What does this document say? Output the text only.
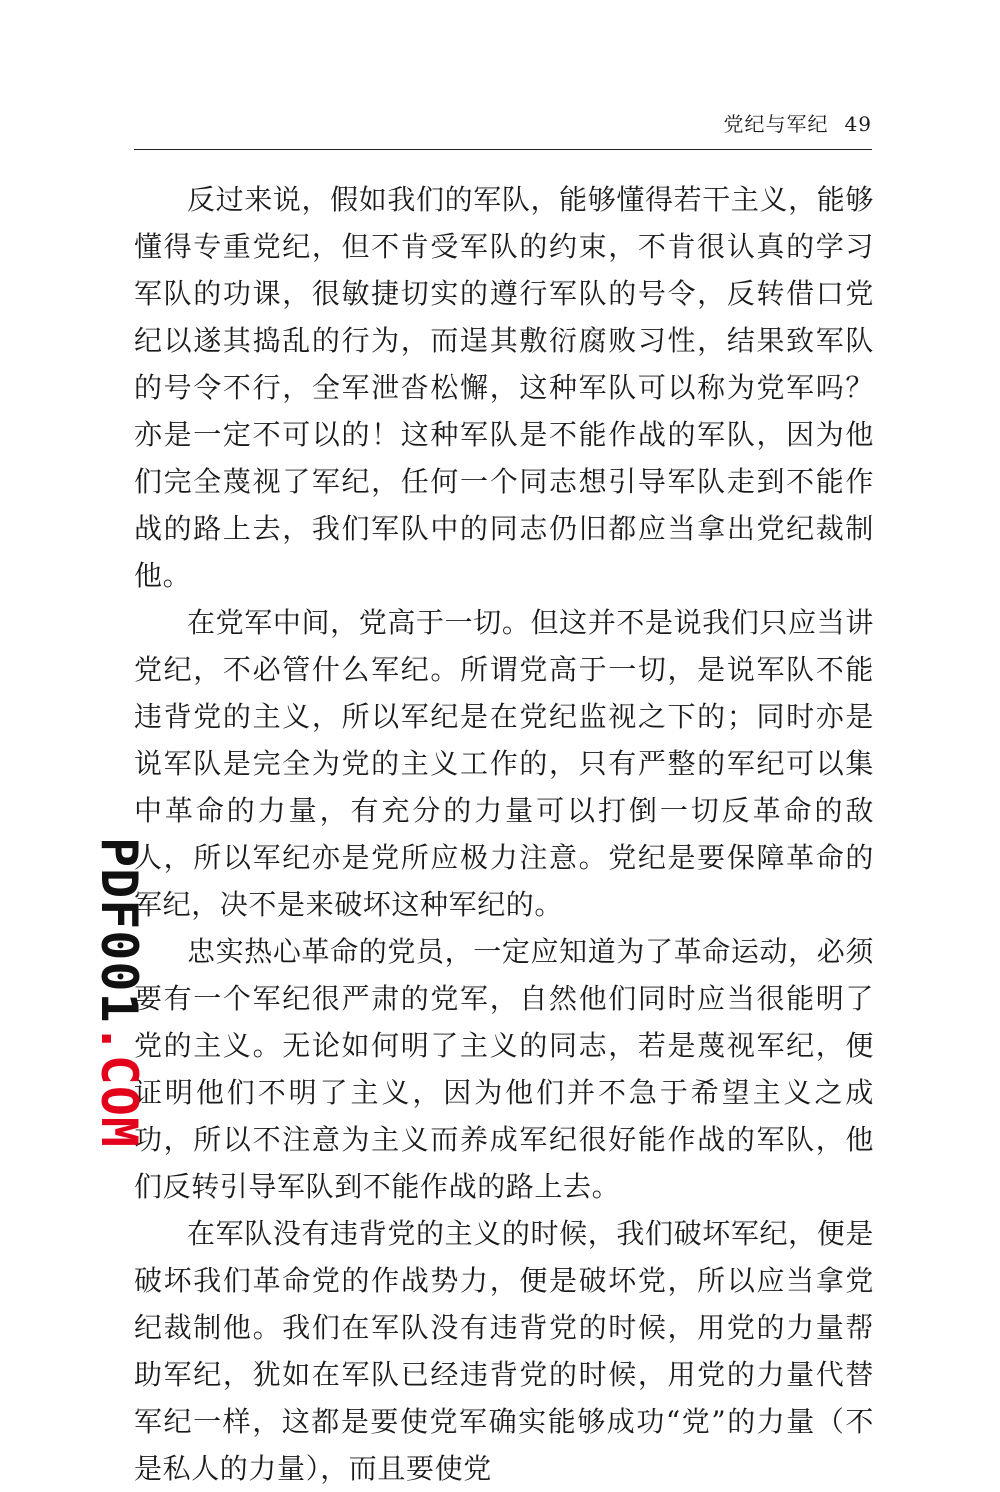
党纪与军纪 49

反过来说，假如我们的军队，能够懂得若干主义，能够懂得专重党纪，但不肯受军队的约束，不肯很认真的学习军队的功课，很敏捷切实的遵行军队的号令，反转借口党纪以遂其捣乱的行为，而逞其敷衍腐败习性，结果致军队的号令不行，全军泄沓松懈，这种军队可以称为党军吗？亦是一定不可以的！这种军队是不能作战的军队，因为他们完全蔑视了军纪，任何一个同志想引导军队走到不能作战的路上去，我们军队中的同志仍旧都应当拿出党纪裁制他。

在党军中间，党高于一切。但这并不是说我们只应当讲党纪，不必管什么军纪。所谓党高于一切，是说军队不能违背党的主义，所以军纪是在党纪监视之下的；同时亦是说军队是完全为党的主义工作的，只有严整的军纪可以集中革命的力量，有充分的力量可以打倒一切反革命的敌人，所以军纪亦是党所应极力注意。党纪是要保障革命的军纪，决不是来破坏这种军纪的。

忠实热心革命的党员，一定应知道为了革命运动，必须要有一个军纪很严肃的党军，自然他们同时应当很能明了党的主义。无论如何明了主义的同志，若是蔑视军纪，便证明他们不明了主义，因为他们并不急于希望主义之成功，所以不注意为主义而养成军纪很好能作战的军队，他们反转引导军队到不能作战的路上去。

在军队没有违背党的主义的时候，我们破坏军纪，便是破坏我们革命党的作战势力，便是破坏党，所以应当拿党纪裁制他。我们在军队没有违背党的时候，用党的力量帮助军纪，犹如在军队已经违背党的时候，用党的力量代替军纪一样，这都是要使党军确实能够成功“党”的力量（不是私人的力量），而且要使党

PDF001.COM
